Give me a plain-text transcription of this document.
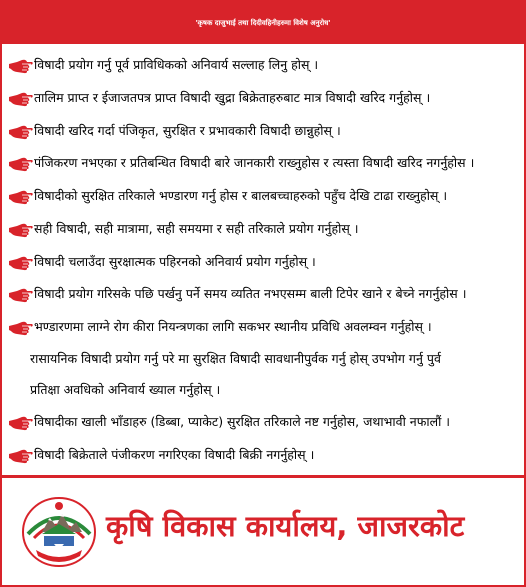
'कृषक दाजुभाई तथा दिदीवहिनीहरुमा विशेष अनुरोध'
विषादी प्रयोग गर्नु पूर्व प्राविधिकको अनिवार्य सल्लाह लिनु होस् ।
तालिम प्राप्त र ईजाजतपत्र प्राप्त विषादी खुद्रा बिक्रेताहरुबाट मात्र विषादी खरिद गर्नुहोस् ।
विषादी खरिद गर्दा पंजिकृत, सुरक्षित र प्रभावकारी विषादी छान्नुहोस् ।
पंजिकरण नभएका र प्रतिबन्धित विषादी बारे जानकारी राख्नुहोस र त्यस्ता विषादी खरिद नगर्नुहोस ।
विषादीको सुरक्षित तरिकाले भण्डारण गर्नु होस र बालबच्चाहरुको पहुँच देखि टाढा राख्नुहोस् ।
सही विषादी, सही मात्रामा, सही समयमा र सही तरिकाले प्रयोग गर्नुहोस् ।
विषादी चलाउँदा सुरक्षात्मक पहिरनको अनिवार्य प्रयोग गर्नुहोस् ।
विषादी प्रयोग गरिसके पछि पर्खनु पर्ने समय व्यतित नभएसम्म बाली टिपेर खाने र बेच्ने नगर्नुहोस ।
भण्डारणमा लाग्ने रोग कीरा नियन्त्रणका लागि सकभर स्थानीय प्रविधि अवलम्वन गर्नुहोस् ।
रासायनिक विषादी प्रयोग गर्नु परे मा सुरक्षित विषादी सावधानीपुर्वक गर्नु होस् उपभोग गर्नु पुर्व
प्रतिक्षा अवधिको अनिवार्य ख्याल गर्नुहोस् ।
विषादीका खाली भाँडाहरु (डिब्बा, प्याकेट) सुरक्षित तरिकाले नष्ट गर्नुहोस, जथाभावी नफालौं ।
विषादी बिक्रेताले पंजीकरण नगरिएका विषादी बिक्री नगर्नुहोस् ।
कृषि विकास कार्यालय, जाजरकोट
